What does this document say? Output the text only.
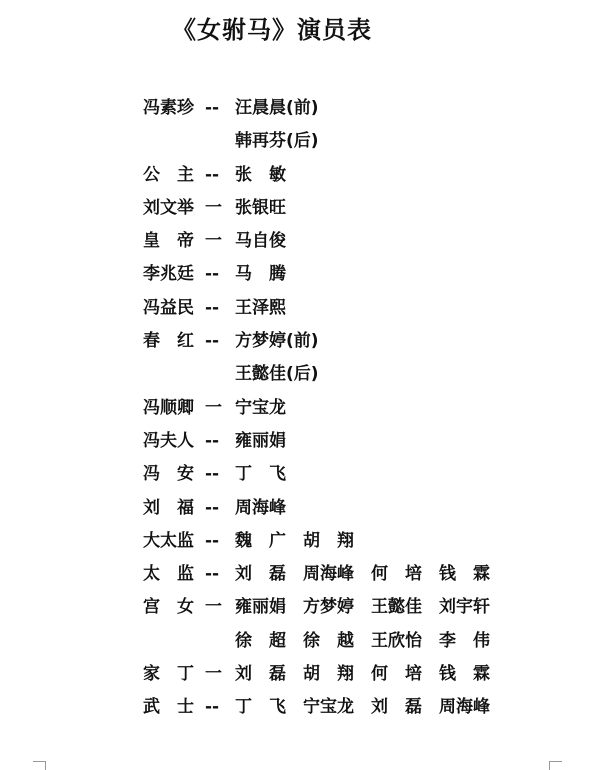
《女驸马》演员表
冯素珍 -- 汪晨晨(前)
韩再芬(后)
公　主 -- 张　敏
刘文举 一 张银旺
皇　帝 一 马自俊
李兆廷 -- 马　腾
冯益民 -- 王泽熙
春　红 -- 方梦婷(前)
王懿佳(后)
冯顺卿 一 宁宝龙
冯夫人 -- 雍丽娟
冯　安 -- 丁　飞
刘　福 -- 周海峰
大太监 -- 魏　广　胡　翔
太　监 -- 刘　磊　周海峰　何　培　钱　霖
宫　女 一 雍丽娟　方梦婷　王懿佳　刘宇轩
徐　超　徐　越　王欣怡　李　伟
家　丁 一 刘　磊　胡　翔　何　培　钱　霖
武　士 -- 丁　飞　宁宝龙　刘　磊　周海峰
